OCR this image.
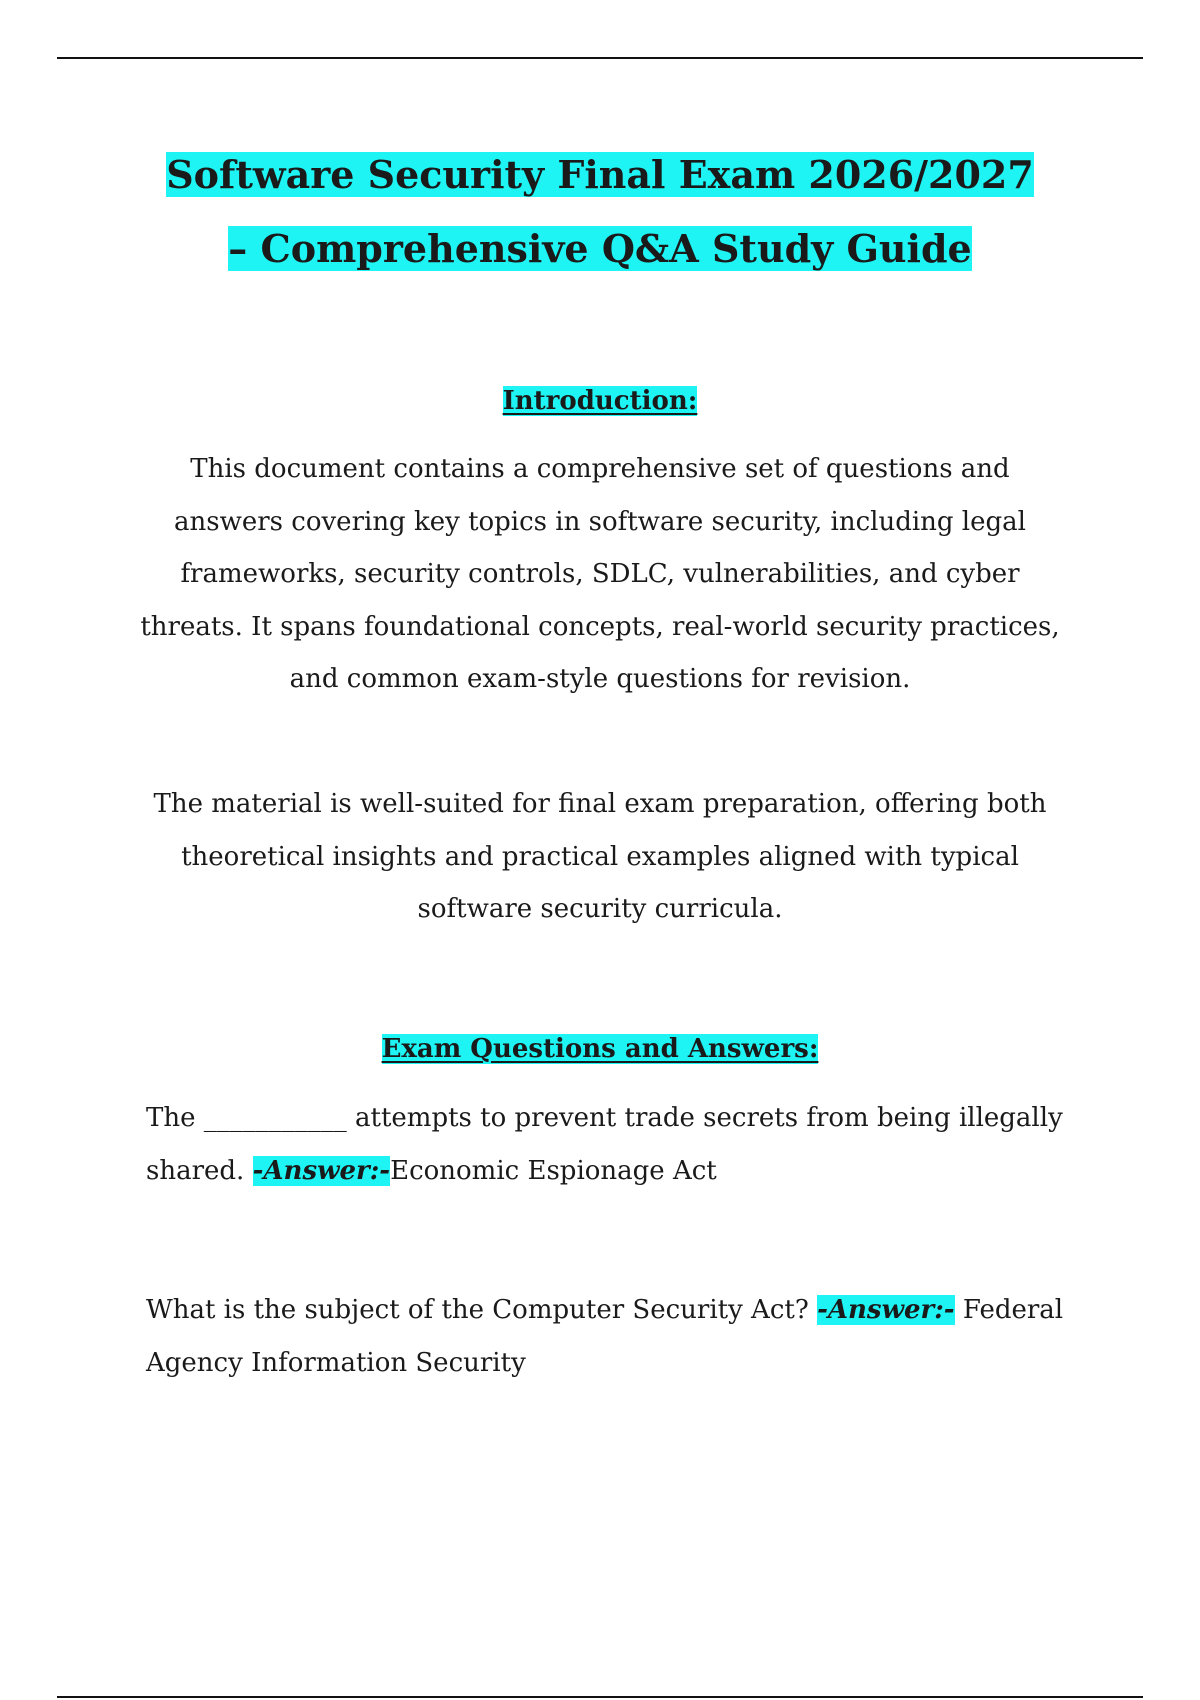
Software Security Final Exam 2026/2027
– Comprehensive Q&A Study Guide
Introduction:

This document contains a comprehensive set of questions and answers covering key topics in software security, including legal frameworks, security controls, SDLC, vulnerabilities, and cyber threats. It spans foundational concepts, real-world security practices, and common exam-style questions for revision.

The material is well-suited for final exam preparation, offering both theoretical insights and practical examples aligned with typical software security curricula.

Exam Questions and Answers:

The ___________ attempts to prevent trade secrets from being illegally shared. -Answer:-Economic Espionage Act

What is the subject of the Computer Security Act? -Answer:- Federal Agency Information Security
